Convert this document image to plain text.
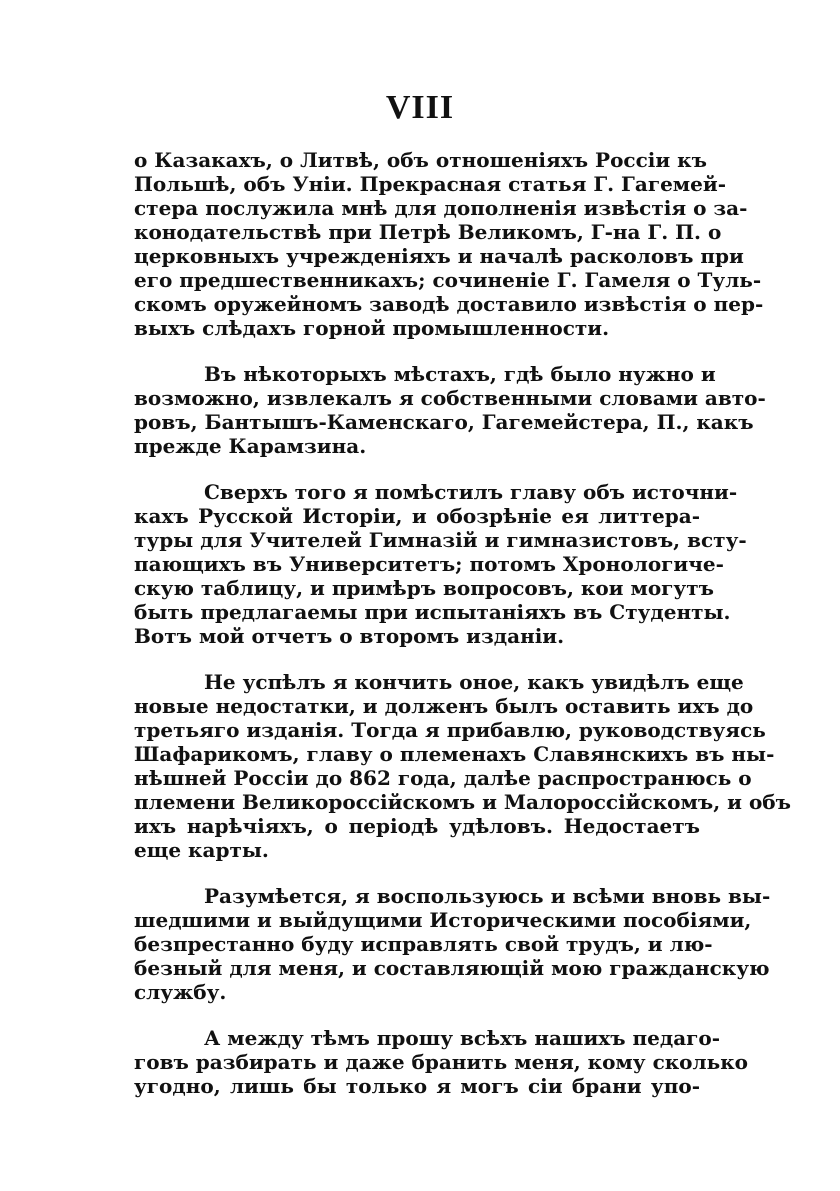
VIII
о Казакахъ, о Литвѣ, объ отношеніяхъ Россіи къ
Польшѣ, объ Уніи. Прекрасная статья Г. Гагемей-
стера послужила мнѣ для дополненія извѣстія о за-
конодательствѣ при Петрѣ Великомъ, Г-на Г. П. о
церковныхъ учрежденіяхъ и началѣ расколовъ при
его предшественникахъ; сочиненіе Г. Гамеля о Туль-
скомъ оружейномъ заводѣ доставило извѣстія о пер-
выхъ слѣдахъ горной промышленности.
Въ нѣкоторыхъ мѣстахъ, гдѣ было нужно и
возможно, извлекалъ я собственными словами авто-
ровъ, Бантышъ-Каменскаго, Гагемейстера, П., какъ
прежде Карамзина.
Сверхъ того я помѣстилъ главу объ источни-
кахъ Русской Исторіи, и обозрѣніе ея литтера-
туры для Учителей Гимназій и гимназистовъ, всту-
пающихъ въ Университетъ; потомъ Хронологиче-
скую таблицу, и примѣръ вопросовъ, кои могутъ
быть предлагаемы при испытаніяхъ въ Студенты.
Вотъ мой отчетъ о второмъ изданіи.
Не успѣлъ я кончить оное, какъ увидѣлъ еще
новые недостатки, и долженъ былъ оставить ихъ до
третьяго изданія. Тогда я прибавлю, руководствуясь
Шафарикомъ, главу о племенахъ Славянскихъ въ ны-
нѣшней Россіи до 862 года, далѣе распространюсь о
племени Великороссійскомъ и Малороссійскомъ, и объ
ихъ нарѣчіяхъ, о періодѣ удѣловъ. Недостаетъ
еще карты.
Разумѣется, я воспользуюсь и всѣми вновь вы-
шедшими и выйдущими Историческими пособіями,
безпрестанно буду исправлять свой трудъ, и лю-
безный для меня, и составляющій мою гражданскую
службу.
А между тѣмъ прошу всѣхъ нашихъ педаго-
говъ разбирать и даже бранить меня, кому сколько
угодно, лишь бы только я могъ сіи брани упо-
